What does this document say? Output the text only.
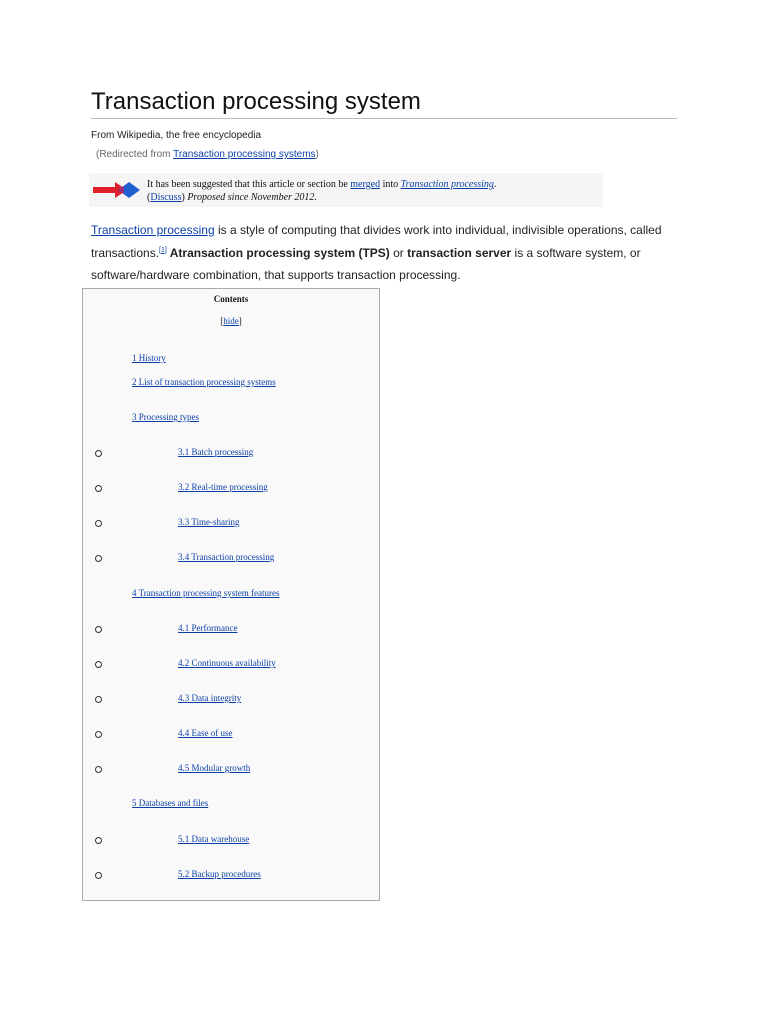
Transaction processing system
From Wikipedia, the free encyclopedia
(Redirected from Transaction processing systems)
It has been suggested that this article or section be merged into Transaction processing.
(Discuss) Proposed since November 2012.
Transaction processing is a style of computing that divides work into individual, indivisible operations, called transactions.[1] Atransaction processing system (TPS) or transaction server is a software system, or software/hardware combination, that supports transaction processing.
Contents
[hide]
1 History
2 List of transaction processing systems
3 Processing types
3.1 Batch processing
3.2 Real-time processing
3.3 Time-sharing
3.4 Transaction processing
4 Transaction processing system features
4.1 Performance
4.2 Continuous availability
4.3 Data integrity
4.4 Ease of use
4.5 Modular growth
5 Databases and files
5.1 Data warehouse
5.2 Backup procedures
